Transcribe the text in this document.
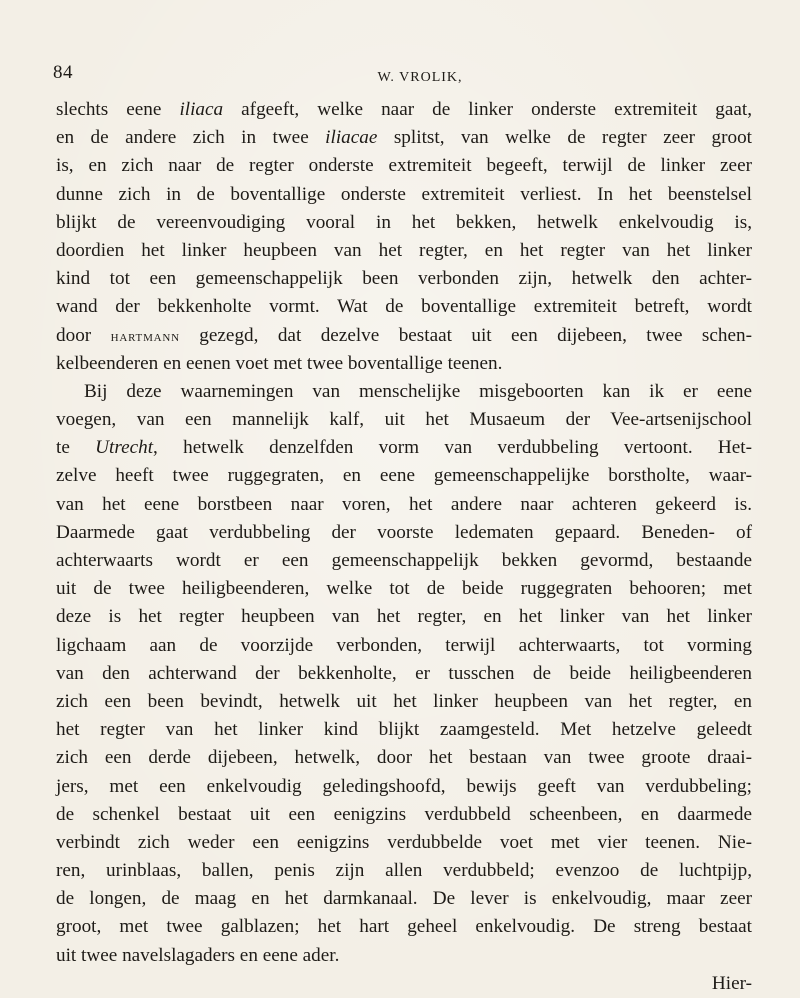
84	W. VROLIK,
slechts eene iliaca afgeeft, welke naar de linker onderste extremiteit gaat,
en de andere zich in twee iliacae splitst, van welke de regter zeer groot
is, en zich naar de regter onderste extremiteit begeeft, terwijl de linker zeer
dunne zich in de boventallige onderste extremiteit verliest. In het beenstelsel
blijkt de vereenvoudiging vooral in het bekken, hetwelk enkelvoudig is,
doordien het linker heupbeen van het regter, en het regter van het linker
kind tot een gemeenschappelijk been verbonden zijn, hetwelk den achter-
wand der bekkenholte vormt. Wat de boventallige extremiteit betreft, wordt
door hartmann gezegd, dat dezelve bestaat uit een dijebeen, twee schen-
kelbeenderen en eenen voet met twee boventallige teenen.
Bij deze waarnemingen van menschelijke misgeboorten kan ik er eene
voegen, van een mannelijk kalf, uit het Musaeum der Vee-artsenijschool
te Utrecht, hetwelk denzelfden vorm van verdubbeling vertoont. Het-
zelve heeft twee ruggegraten, en eene gemeenschappelijke borstholte, waar-
van het eene borstbeen naar voren, het andere naar achteren gekeerd is.
Daarmede gaat verdubbeling der voorste ledematen gepaard. Beneden- of
achterwaarts wordt er een gemeenschappelijk bekken gevormd, bestaande
uit de twee heiligbeenderen, welke tot de beide ruggegraten behooren; met
deze is het regter heupbeen van het regter, en het linker van het linker
ligchaam aan de voorzijde verbonden, terwijl achterwaarts, tot vorming
van den achterwand der bekkenholte, er tusschen de beide heiligbeenderen
zich een been bevindt, hetwelk uit het linker heupbeen van het regter, en
het regter van het linker kind blijkt zaamgesteld. Met hetzelve geleedt
zich een derde dijebeen, hetwelk, door het bestaan van twee groote draai-
jers, met een enkelvoudig geledingshoofd, bewijs geeft van verdubbeling;
de schenkel bestaat uit een eenigzins verdubbeld scheenbeen, en daarmede
verbindt zich weder een eenigzins verdubbelde voet met vier teenen. Nie-
ren, urinblaas, ballen, penis zijn allen verdubbeld; evenzoo de luchtpijp,
de longen, de maag en het darmkanaal. De lever is enkelvoudig, maar zeer
groot, met twee galblazen; het hart geheel enkelvoudig. De streng bestaat
uit twee navelslagaders en eene ader.
Hier-
